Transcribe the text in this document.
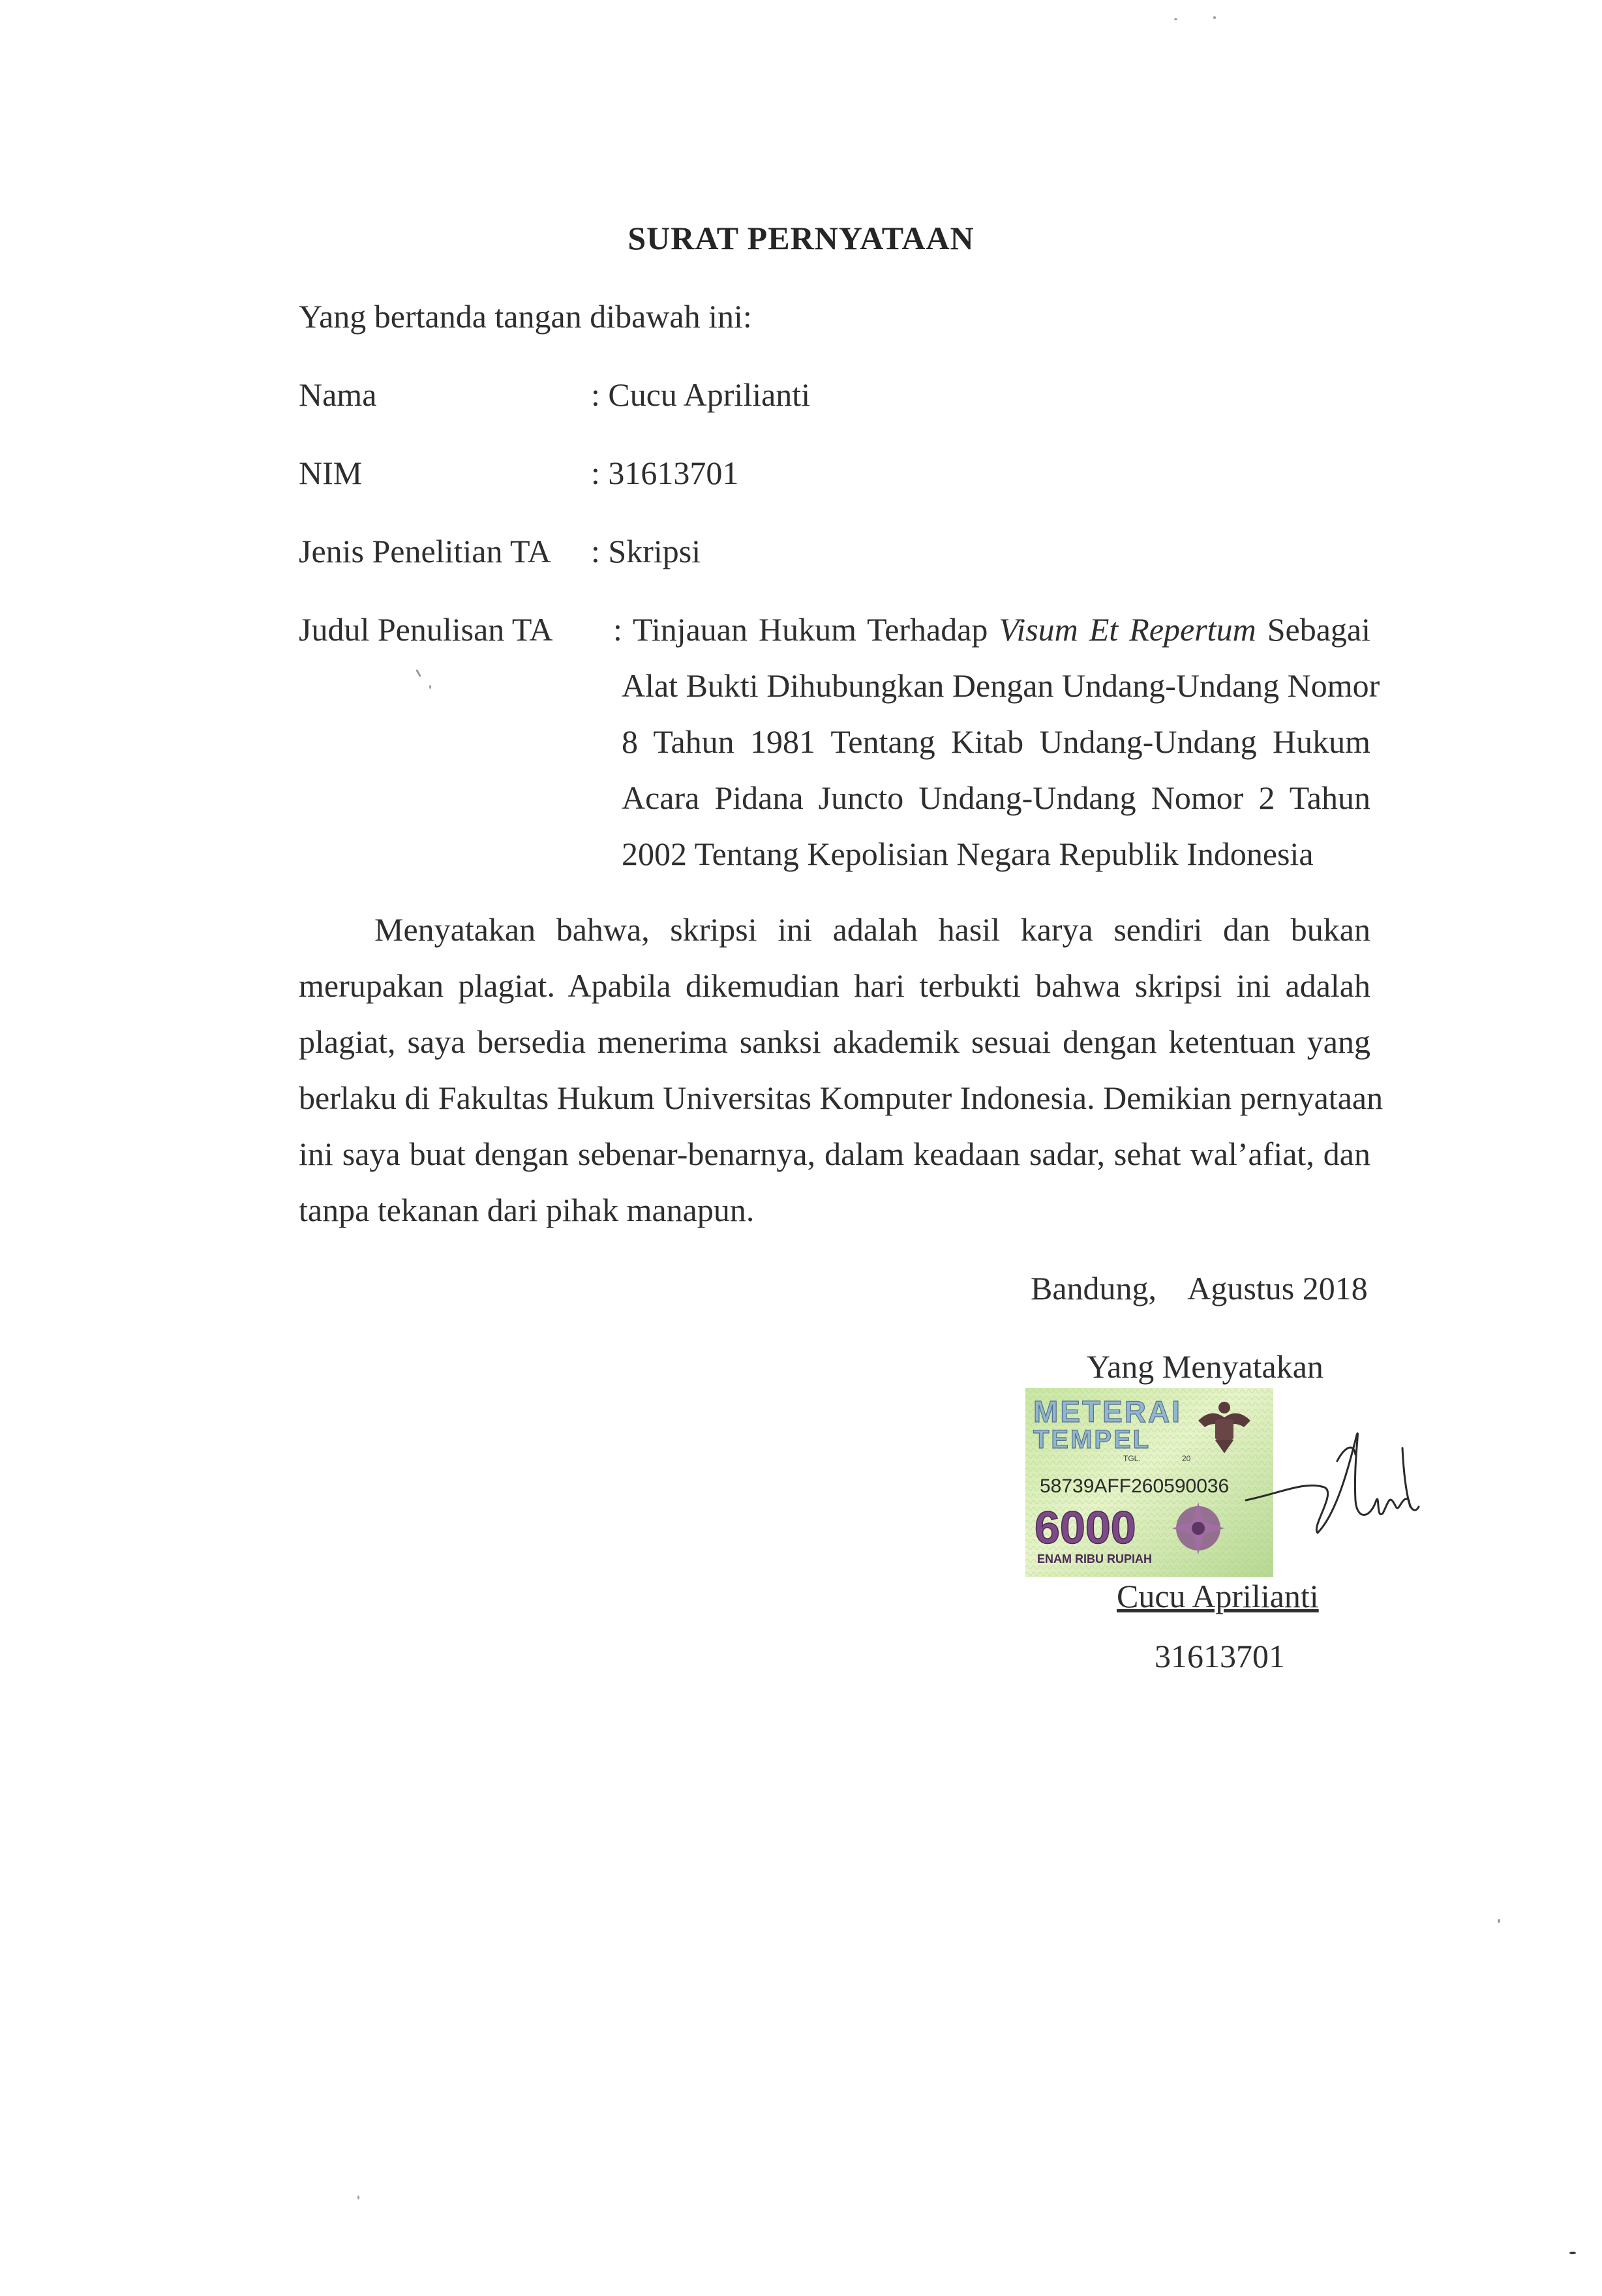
SURAT PERNYATAAN
Yang bertanda tangan dibawah ini:
Nama	: Cucu Aprilianti
NIM	: 31613701
Jenis Penelitian TA : Skripsi
Judul Penulisan TA : Tinjauan Hukum Terhadap Visum Et Repertum Sebagai
Alat Bukti Dihubungkan Dengan Undang-Undang Nomor
8 Tahun 1981 Tentang Kitab Undang-Undang Hukum
Acara Pidana Juncto Undang-Undang Nomor 2 Tahun
2002 Tentang Kepolisian Negara Republik Indonesia
Menyatakan bahwa, skripsi ini adalah hasil karya sendiri dan bukan
merupakan plagiat. Apabila dikemudian hari terbukti bahwa skripsi ini adalah
plagiat, saya bersedia menerima sanksi akademik sesuai dengan ketentuan yang
berlaku di Fakultas Hukum Universitas Komputer Indonesia. Demikian pernyataan
ini saya buat dengan sebenar-benarnya, dalam keadaan sadar, sehat wal’afiat, dan
tanpa tekanan dari pihak manapun.
Bandung,    Agustus 2018
Yang Menyatakan
METERAI
TEMPEL
TGL.	20
58739AFF260590036
6000
ENAM RIBU RUPIAH
Cucu Aprilianti
31613701
